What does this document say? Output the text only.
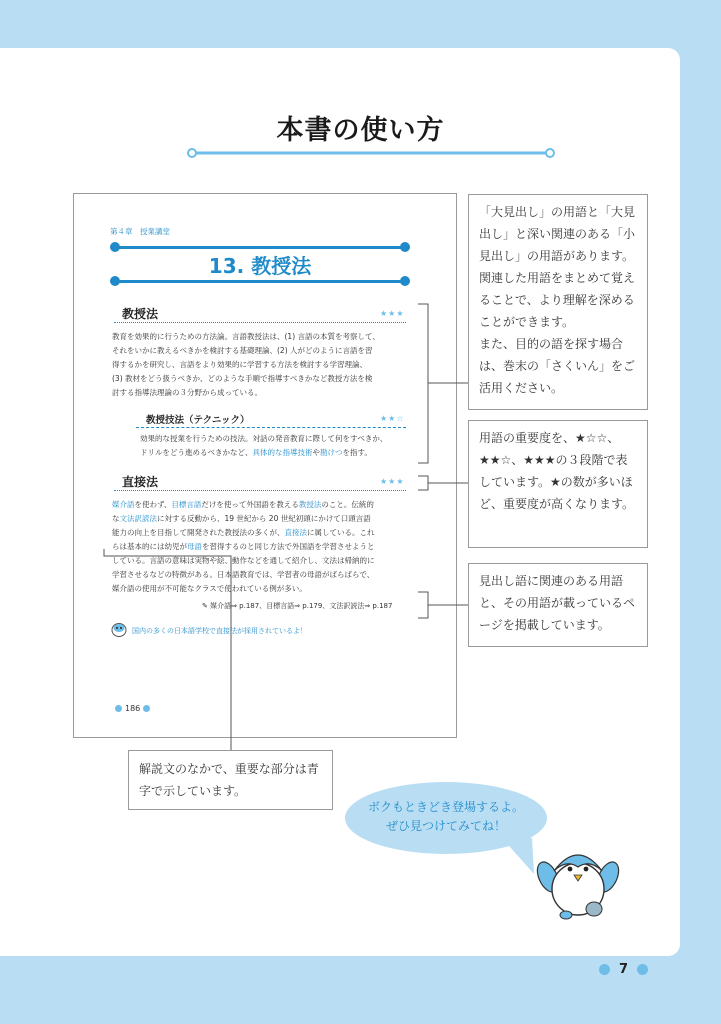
本書の使い方
第４章　授業講堂
13. 教授法
教授法	★★★
教育を効果的に行うための方法論。言語教授法は、(1) 言語の本質を考察して、
それをいかに教えるべきかを検討する基礎理論、(2) 人がどのように言語を習
得するかを研究し、言語をより効果的に学習する方法を検討する学習理論、
(3) 教材をどう扱うべきか、どのような手順で指導すべきかなど教授方法を検
討する指導法理論の３分野から成っている。
教授技法（テクニック）	★★☆
効果的な授業を行うための技法。対話の発音教育に際して何をすべきか、
ドリルをどう進めるべきかなど、具体的な指導技術や勘けつを指す。
直接法	★★★
媒介語を使わず、目標言語だけを使って外国語を教える教授法のこと。伝統的
な文法訳読法に対する反動から、19 世紀から 20 世紀初頭にかけて口頭言語
能力の向上を目指して開発された教授法の多くが、直接法に属している。これ
らは基本的には幼児が母語を習得するのと同じ方法で外国語を学習させようと
している。言語の意味は実物や絵、動作などを通して紹介し、文法は帰納的に
学習させるなどの特徴がある。日本語教育では、学習者の母語がばらばらで、
媒介語の使用が不可能なクラスで使われている例が多い。
✎ 媒介語⇒ p.187、目標言語⇒ p.179、文法訳読法⇒ p.187
国内の多くの日本語学校で直接法が採用されているよ！
186
「大見出し」の用語と「大見出し」と深い関連のある「小見出し」の用語があります。関連した用語をまとめて覚えることで、より理解を深めることができます。
また、目的の語を探す場合は、巻末の「さくいん」をご活用ください。
用語の重要度を、★☆☆、★★☆、★★★の３段階で表しています。★の数が多いほど、重要度が高くなります。
見出し語に関連のある用語と、その用語が載っているページを掲載しています。
解説文のなかで、重要な部分は青字で示しています。
ボクもときどき登場するよ。
ぜひ見つけてみてね！
7
